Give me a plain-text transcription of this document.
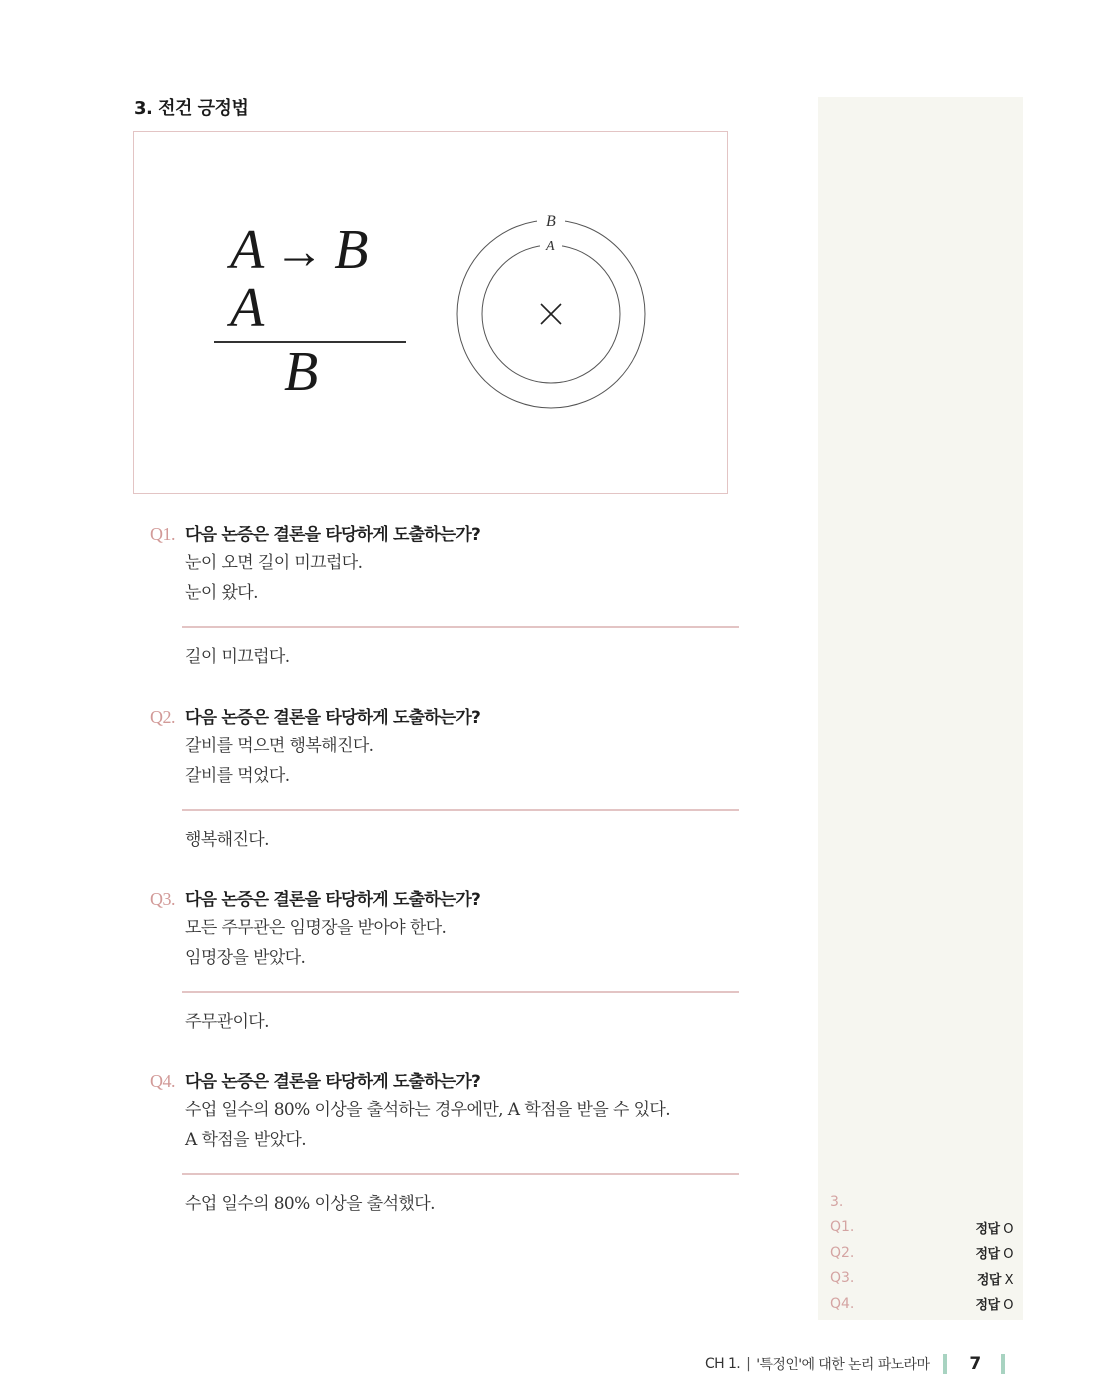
3. 전건 긍정법
A → B
A
B
B
A
Q1. 다음 논증은 결론을 타당하게 도출하는가?
눈이 오면 길이 미끄럽다.
눈이 왔다.
길이 미끄럽다.
Q2. 다음 논증은 결론을 타당하게 도출하는가?
갈비를 먹으면 행복해진다.
갈비를 먹었다.
행복해진다.
Q3. 다음 논증은 결론을 타당하게 도출하는가?
모든 주무관은 임명장을 받아야 한다.
임명장을 받았다.
주무관이다.
Q4. 다음 논증은 결론을 타당하게 도출하는가?
수업 일수의 80% 이상을 출석하는 경우에만, A 학점을 받을 수 있다.
A 학점을 받았다.
수업 일수의 80% 이상을 출석했다.	3.
Q1.	정답 O
Q2.	정답 O
Q3.	정답 X
Q4.	정답 O
CH 1. | '특정인'에 대한 논리 파노라마 7
